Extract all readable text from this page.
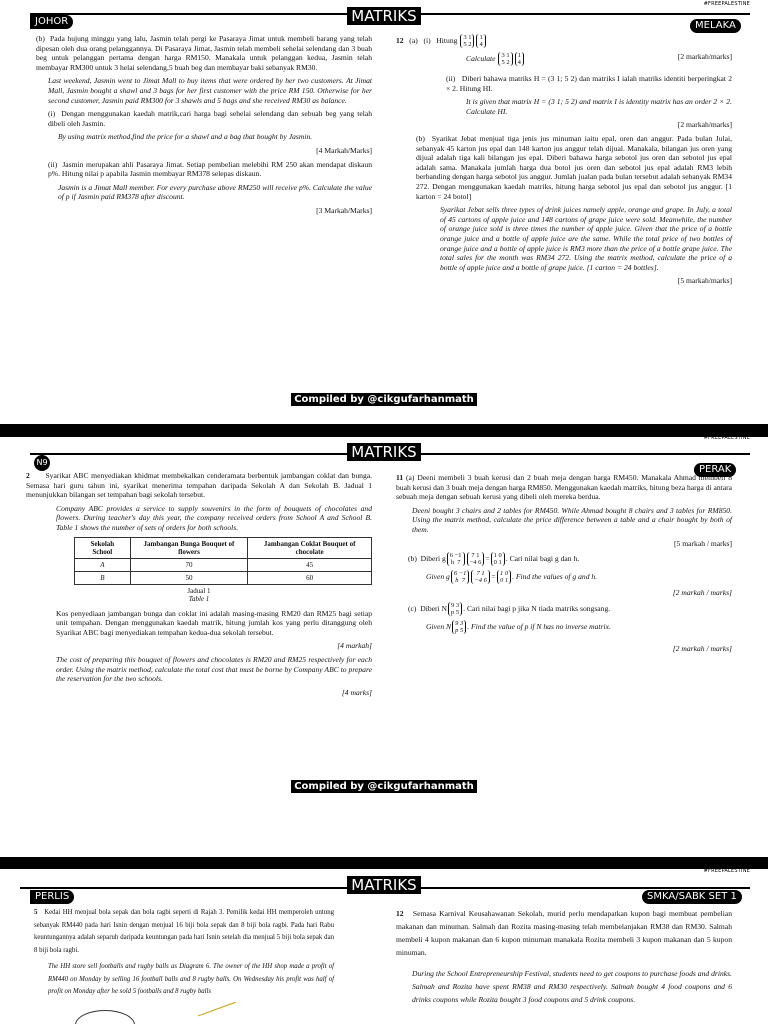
#FREEPALESTINE
MATRIKS
JOHOR	MELAKA

(b) Pada hujung minggu yang lalu, Jasmin telah pergi ke Pasaraya Jimat untuk membeli barang yang telah dipesan oleh dua orang pelanggannya. Di Pasaraya Jimat, Jasmin telah membeli sehelai selendang dan 3 buah beg untuk pelanggan pertama dengan harga RM150. Manakala untuk pelanggan kedua, Jasmin telah membayar RM300 untuk 3 helai selendang,5 buah beg dan membayar baki sebanyak RM30.

Last weekend, Jasmin went to Jimat Mall to buy items that were ordered by her two customers. At Jimat Mall, Jasmin bought a shawl and 3 bags for her first customer with the price RM 150. Otherwise for her second customer, Jasmin paid RM300 for 3 shawls and 5 bags and she received RM30 as balance.

(i) Dengan menggunakan kaedah matrik,cari harga bagi sehelai selendang dan sebuah beg yang telah dibeli oleh Jasmin.

By using matrix method,find the price for a shawl and a bag that bought by Jasmin.

[4 Markah/Marks]

(ii) Jasmin merupakan ahli Pasaraya Jimat. Setiap pembelian melebihi RM 250 akan mendapat diskaun p%. Hitung nilai p apabila Jasmin membayar RM378 selepas diskaun.

Jasmin is a Jimat Mall member. For every purchase above RM250 will receive p%. Calculate the value of p if Jasmin paid RM378 after discount.

[3 Markah/Marks]

12 (a) (i) Hitung 3 1
5 21
4

Calculate 3 1
5 21
4
[2 markah/marks]

(ii) Diberi bahawa matriks H = (3 1; 5 2) dan matriks I ialah matriks identiti berperingkat 2 × 2. Hitung HI.

It is given that matrix H = (3 1; 5 2) and matrix I is identity matrix has an order 2 × 2. Calculate HI.

[2 markah/marks]

(b) Syarikat Jebat menjual tiga jenis jus minuman iaitu epal, oren dan anggur. Pada bulan Julai, sebanyak 45 karton jus epal dan 148 karton jus anggur telah dijual. Manakala, bilangan jus oren yang dijual adalah tiga kali bilangan jus epal. Diberi bahawa harga sebotol jus oren dan sebotol jus epal adalah sama. Manakala jumlah harga dua botol jus oren dan sebotol jus epal adalah RM3 lebih berbanding dengan harga sebotol jus anggur. Jumlah jualan pada bulan tersebut adalah sebanyak RM34 272. Dengan menggunakan kaedah matriks, hitung harga sebotol jus epal dan sebotol jus anggur. [1 karton = 24 botol]

Syarikat Jebat sells three types of drink juices namely apple, orange and grape. In July, a total of 45 cartons of apple juice and 148 cartons of grape juice were sold. Meanwhile, the number of orange juice sold is three times the number of apple juice. Given that the price of a bottle orange juice and a bottle of apple juice are the same. While the total price of two bottles of orange juice and a bottle of apple juice is RM3 more than the price of a bottle grape juice. The total sales for the month was RM34 272. Using the matrix method, calculate the price of a bottle of apple juice and a bottle of grape juice. [1 carton = 24 bottles].

[5 markah/marks]

Compiled by @cikgufarhanmath
#FREEPALESTINE
MATRIKS
N9
PERAK

2 Syarikat ABC menyediakan khidmat membekalkan cenderamata berbentuk jambangan coklat dan bunga. Semasa hari guru tahun ini, syarikat menerima tempahan daripada Sekolah A dan Sekolah B. Jadual 1 menunjukkan bilangan set tempahan bagi sekolah tersebut.

Company ABC provides a service to supply souvenirs in the form of bouquets of chocolates and flowers. During teacher's day this year, the company received orders from School A and School B. Table 1 shows the number of sets of orders for both schools.

Sekolah School	Jambangan Bunga Bouquet of flowers	Jambangan Coklat Bouquet of chocolate
A	70	45
B	50	60
Jadual 1
Table 1

Kos penyediaan jambangan bunga dan coklat ini adalah masing-masing RM20 dan RM25 bagi setiap unit tempahan. Dengan menggunakan kaedah matrik, hitung jumlah kos yang perlu ditanggung oleh Syarikat ABC bagi menyediakan tempahan kedua-dua sekolah tersebut.

[4 markah]

The cost of preparing this bouquet of flowers and chocolates is RM20 and RM25 respectively for each order. Using the matrix method, calculate the total cost that must be borne by Company ABC to prepare the reservation for the two schools.

[4 marks]

11 (a) Deeni membeli 3 buah kerusi dan 2 buah meja dengan harga RM450. Manakala Ahmad membeli 8 buah kerusi dan 3 buah meja dengan harga RM850. Menggunakan kaedah matriks, hitung beza harga di antara sebuah meja dengan sebuah kerusi yang dibeli oleh mereka berdua.

Deeni bought 3 chairs and 2 tables for RM450. While Ahmad bought 8 chairs and 3 tables for RM850. Using the matrix method, calculate the price difference between a table and a chair bought by both of them.

[5 markah / marks]

(b) Diberi g 6 −1
h  77 1
−4 6 = 1 0
0 1 . Cari nilai bagi g dan h.

Given g 6 −1
h  77 1
−4 6 = 1 0
0 1 . Find the values of g and h.

[2 markah / marks]

(c) Diberi N 9 3
p 5 . Cari nilai bagi p jika N tiada matriks songsang.

Given N 9 3
p 5 . Find the value of p if N has no inverse matrix.

[2 markah / marks]

Compiled by @cikgufarhanmath
#FREEPALESTINE
MATRIKS
PERLIS	SMKA/SABK SET 1

5 Kedai HH menjual bola sepak dan bola ragbi seperti di Rajah 3. Pemilik kedai HH memperoleh untung sebanyak RM440 pada hari Isnin dengan menjual 16 biji bola sepak dan 8 biji bola ragbi. Pada hari Rabu keuntungannya adalah separuh daripada keuntungan pada hari Isnin setelah dia menjual 5 biji bola sepak dan 8 biji bola ragbi.

The HH store sell footballs and rugby balls as Diagram 6. The owner of the HH shop made a profit of RM440 on Monday by selling 16 football balls and 8 rugby balls. On Wednesday his profit was half of profit on Monday after he sold 5 footballs and 8 rugby balls

12 Semasa Karnival Keusahawanan Sekolah, murid perlu mendapatkan kupon bagi membuat pembelian makanan dan minuman. Salmah dan Rozita masing-masing telah membelanjakan RM38 dan RM30. Salmah membeli 4 kupon makanan dan 6 kupon minuman manakala Rozita membeli 3 kupon makanan dan 5 kupon minuman.

During the School Entrepreneurship Festival, students need to get coupons to purchase foods and drinks. Salmah and Rozita have spent RM38 and RM30 respectively. Salmah bought 4 food coupons and 6 drinks coupons while Rozita bought 3 food coupons and 5 drink coupons.
